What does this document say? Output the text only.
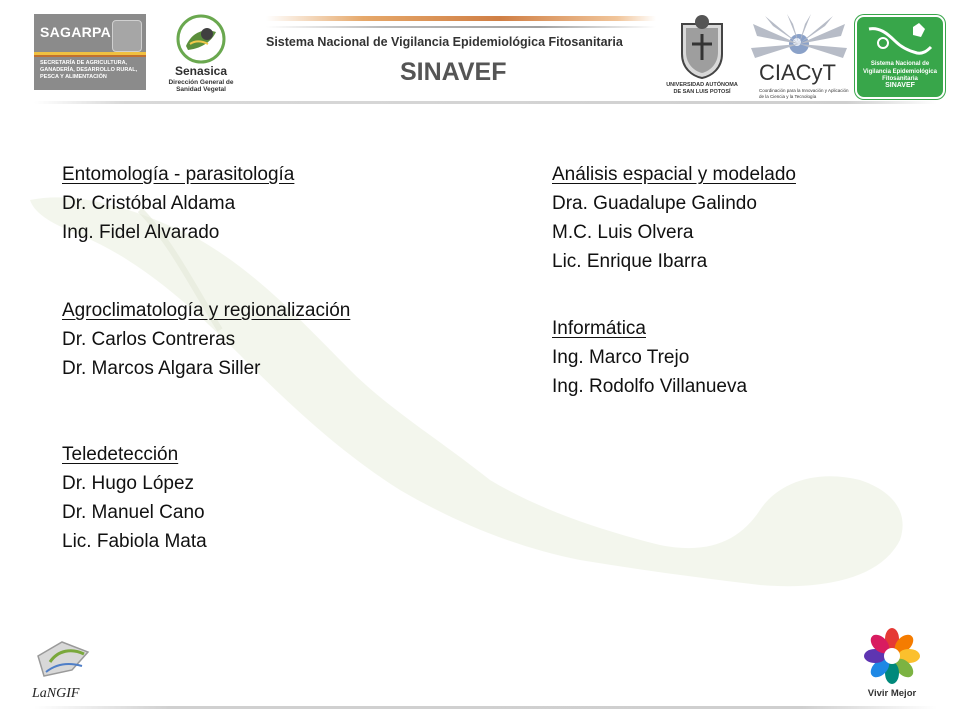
SAGARPA
SECRETARÍA DE AGRICULTURA, GANADERÍA, DESARROLLO RURAL, PESCA Y ALIMENTACIÓN	Senasica
Dirección General de Sanidad Vegetal
Sistema Nacional de Vigilancia Epidemiológica Fitosanitaria
SINAVEF	UNIVERSIDAD AUTÓNOMA DE SAN LUIS POTOSÍ
CIACyT
Coordinación para la Innovación y Aplicación de la Ciencia y la Tecnología
Sistema Nacional de Vigilancia Epidemiológica Fitosanitaria
SINAVEF
Entomología - parasitología
Dr. Cristóbal Aldama
Ing. Fidel Alvarado
Agroclimatología y regionalización
Dr. Carlos Contreras
Dr. Marcos Algara Siller
Teledetección
Dr. Hugo López
Dr. Manuel Cano
Lic. Fabiola Mata
Análisis espacial y modelado
Dra. Guadalupe Galindo
M.C. Luis Olvera
Lic. Enrique Ibarra
Informática
Ing. Marco Trejo
Ing. Rodolfo Villanueva
LaNGIF	Vivir Mejor
